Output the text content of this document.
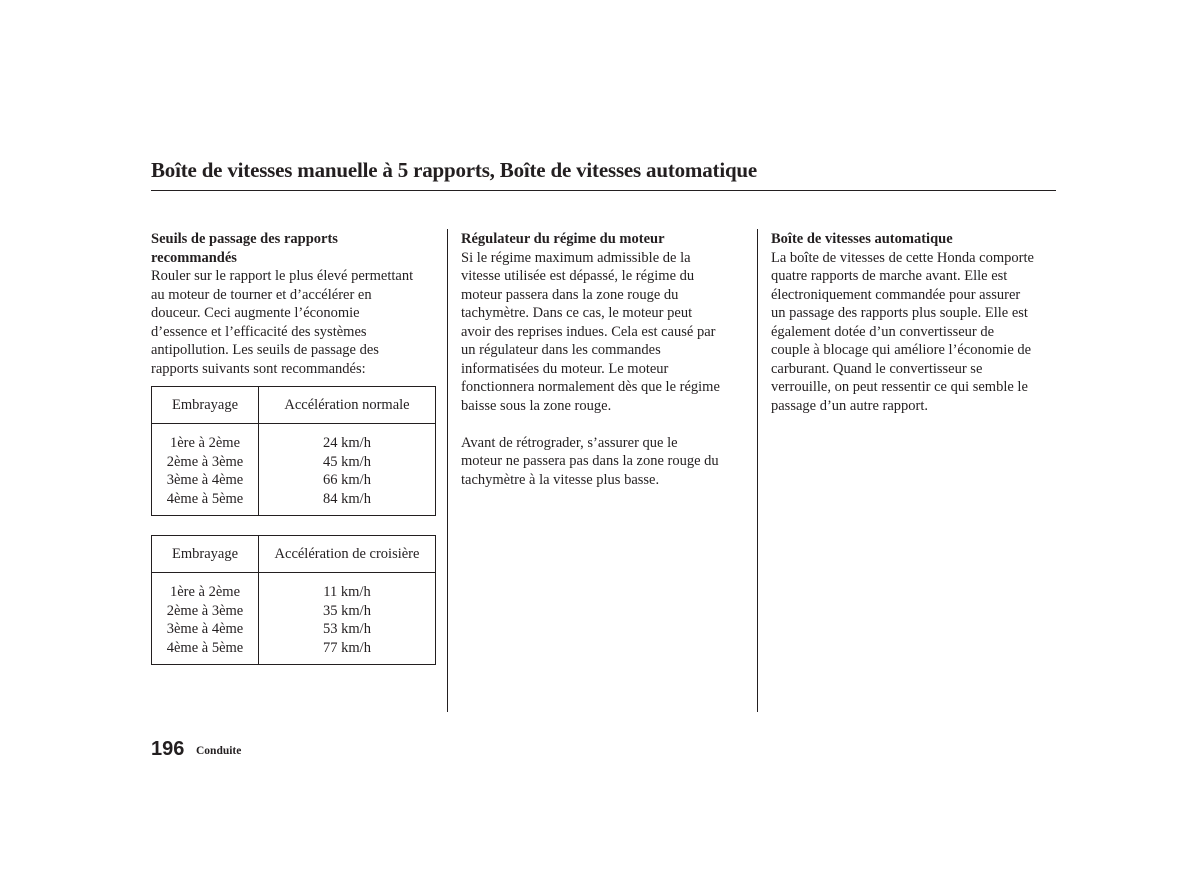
Boîte de vitesses manuelle à 5 rapports, Boîte de vitesses automatique
Seuils de passage des rapports
recommandés
Rouler sur le rapport le plus élevé permettant
au moteur de tourner et d’accélérer en
douceur. Ceci augmente l’économie
d’essence et l’efficacité des systèmes
antipollution. Les seuils de passage des
rapports suivants sont recommandés:
Embrayage	Accélération normale
1ère à 2ème
2ème à 3ème
3ème à 4ème
4ème à 5ème
24 km/h
45 km/h
66 km/h
84 km/h
Embrayage	Accélération de croisière
1ère à 2ème
2ème à 3ème
3ème à 4ème
4ème à 5ème
11 km/h
35 km/h
53 km/h
77 km/h
Régulateur du régime du moteur
Si le régime maximum admissible de la
vitesse utilisée est dépassé, le régime du
moteur passera dans la zone rouge du
tachymètre. Dans ce cas, le moteur peut
avoir des reprises indues. Cela est causé par
un régulateur dans les commandes
informatisées du moteur. Le moteur
fonctionnera normalement dès que le régime
baisse sous la zone rouge.
Avant de rétrograder, s’assurer que le
moteur ne passera pas dans la zone rouge du
tachymètre à la vitesse plus basse.
Boîte de vitesses automatique
La boîte de vitesses de cette Honda comporte
quatre rapports de marche avant. Elle est
électroniquement commandée pour assurer
un passage des rapports plus souple. Elle est
également dotée d’un convertisseur de
couple à blocage qui améliore l’économie de
carburant. Quand le convertisseur se
verrouille, on peut ressentir ce qui semble le
passage d’un autre rapport.
196 Conduite
